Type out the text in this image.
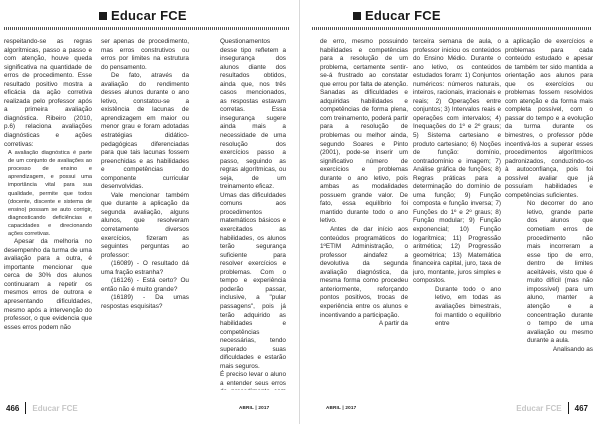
Educar FCE

respeitando-se as regras algorítmicas, passo a passo e com atenção, houve queda significativa na quantidade de erros de procedimento. Esse resultado positivo mostra a eficácia da ação corretiva realizada pelo professor após a primeira avaliação diagnóstica. Ribeiro (2010, p.6) relaciona avaliações diagnósticas e ações corretivas:

A avaliação diagnóstica é parte de um conjunto de avaliações ao processo de ensino e aprendizagem, e possui uma importância vital para sua qualidade, permite que todos (docente, discente e sistema de ensino) possam se auto corrigir, diagnosticando deficiências e capacidades e direcionando ações corretivas.

Apesar da melhoria no desempenho da turma de uma avaliação para a outra, é importante mencionar que cerca de 30% dos alunos continuaram a repetir os mesmos erros de outrora e apresentando dificuldades, mesmo após a intervenção do professor, o que evidencia que esses erros podem não

ser apenas de procedimento, mas erros construtivos ou erros por limites na estrutura do pensamento.

De fato, através da avaliação do rendimento desses alunos durante o ano letivo, constatou-se a existência de lacunas de aprendizagem em maior ou menor grau e foram adotadas estratégias didático-pedagógicas diferenciadas para que tais lacunas fossem preenchidas e as habilidades e competências do componente curricular desenvolvidas.

Vale mencionar também que durante a aplicação da segunda avaliação, alguns alunos, que resolveram corretamente diversos exercícios, fizeram as seguintes perguntas ao professor:

(16089) - O resultado dá uma fração estranha?

(16126) - Está certo? Ou então não é muito grande?

(16189) - Da umas respostas esquisitas?

Questionamentos desse tipo refletem a insegurança dos alunos diante dos resultados obtidos, ainda que, nos três casos mencionados, as respostas estavam corretas. Essa insegurança sugere ainda mais a necessidade de uma resolução dos exercícios passo a passo, seguindo as regras algorítmicas, ou seja, de um treinamento eficaz.

Umas das dificuldades comuns aos procedimentos matemáticos básicos e exercitados as habilidades, os alunos terão segurança suficiente para resolver exercícios e problemas. Com o tempo e experiência poderão passar, inclusive, a "pular passagens", pois já terão adquirido as habilidades e competências necessárias, tendo superado suas dificuldades e estarão mais seguros.

É preciso levar o aluno a entender seus erros

466 Educar FCE	ABRIL | 2017
Educar FCE

de erro, mesmo possuindo habilidades e competências para a resolução de um problema, certamente sentir-se-á frustrado ao constatar que errou por falta de atenção. Sanadas as dificuldades e adquiridas habilidades e competências de forma plena, com treinamento, poderá partir para a resolução de problemas ou melhor ainda, segundo Soares e Pinto (2001), pode-se inserir um significativo número de exercícios e problemas durante o ano letivo, pois ambas as modalidades possuem grande valor. De fato, essa equilíbrio foi mantido durante todo o ano letivo.

Antes de dar início aos conteúdos programáticos do 1ºETIM Administração, o professor aindafez a devolutiva da segunda avaliação diagnóstica, da mesma forma como procedeu anteriormente, reforçando pontos positivos, trocas de experiência entre os alunos e incentivando a participação.

A partir da

terceira semana de aula, o professor iniciou os conteúdos do Ensino Médio. Durante o ano letivo, os conteúdos estudados foram: 1) Conjuntos numéricos: números naturais, inteiros, racionais, irracionais e reais; 2) Operações entre conjuntos; 3) Intervalos reais e operações com intervalos; 4) Inequações do 1º e 2º graus; 5) Sistema cartesiano e produto cartesiano; 6) Noções de função: domínio, contradomínio e imagem; 7) Análise gráfica de funções; 8) Regras práticas para a determinação do domínio de uma função; 9) Função composta e função inversa; 7) Funções do 1º e 2º graus; 8) Função modular; 9) Função exponencial; 10) Função logarítmica; 11) Progressão aritmética; 12) Progressão geométrica; 13) Matemática financeira capital, juro, taxa de juro, montante, juros simples e compostos.

Durante todo o ano letivo, em todas as avaliações bimestrais, foi mantido o equilíbrio entre

a aplicação de exercícios e problemas para cada conteúdo estudado e apesar de também ter sido mantida a orientação aos alunos para que os exercícios ou problemas fossem resolvidos com atenção e da forma mais completa possível, com o passar do tempo e a evolução da turma durante os bimestres, o professor pôde incentivá-los a superar esses procedimentos algorítmicos padronizados, conduzindo-os à autoconfiança, pois foi possível avaliar que já possuíam habilidades e competências suficientes.

No decorrer do ano letivo, grande parte dos alunos que cometiam erros de procedimento não mais incorreram a esse tipo de erro, dentro de limites aceitáveis, visto que é muito difícil (mas não impossível) para um aluno, manter a atenção e a concentração durante o tempo de uma avaliação ou mesmo durante a aula.

Analisando as

ABRIL | 2017	Educar FCE 467
